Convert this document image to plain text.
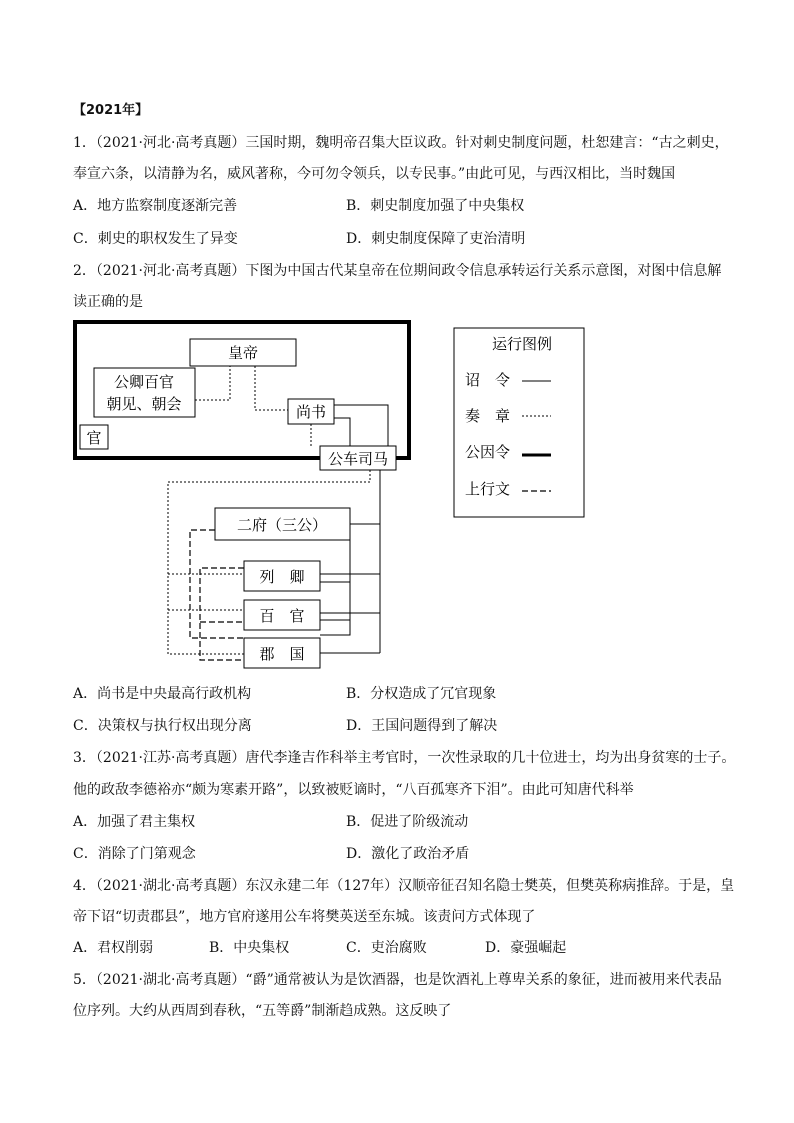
【2021年】
1．（2021·河北·高考真题）三国时期，魏明帝召集大臣议政。针对刺史制度问题，杜恕建言：“古之刺史，
奉宣六条，以清静为名，威风著称，今可勿令领兵，以专民事。”由此可见，与西汉相比，当时魏国
A．地方监察制度逐渐完善	B．刺史制度加强了中央集权
C．刺史的职权发生了异变	D．刺史制度保障了吏治清明
2．（2021·河北·高考真题）下图为中国古代某皇帝在位期间政令信息承转运行关系示意图，对图中信息解
读正确的是
皇帝
公卿百官
朝见、朝会	尚书
官
公车司马
二府（三公）
列　卿
百　官
郡　国
运行图例
诏　令
奏　章
公因令
上行文
A．尚书是中央最高行政机构	B．分权造成了冗官现象
C．决策权与执行权出现分离	D．王国问题得到了解决
3．（2021·江苏·高考真题）唐代李逢吉作科举主考官时，一次性录取的几十位进士，均为出身贫寒的士子。
他的政敌李德裕亦“颇为寒素开路”，以致被贬谪时，“八百孤寒齐下泪”。由此可知唐代科举
A．加强了君主集权	B．促进了阶级流动
C．消除了门第观念	D．激化了政治矛盾
4．（2021·湖北·高考真题）东汉永建二年（127年）汉顺帝征召知名隐士樊英，但樊英称病推辞。于是，皇
帝下诏“切责郡县”，地方官府遂用公车将樊英送至东城。该责问方式体现了
A．君权削弱	B．中央集权	C．吏治腐败	D．豪强崛起
5．（2021·湖北·高考真题）“爵”通常被认为是饮酒器，也是饮酒礼上尊卑关系的象征，进而被用来代表品
位序列。大约从西周到春秋，“五等爵”制渐趋成熟。这反映了
